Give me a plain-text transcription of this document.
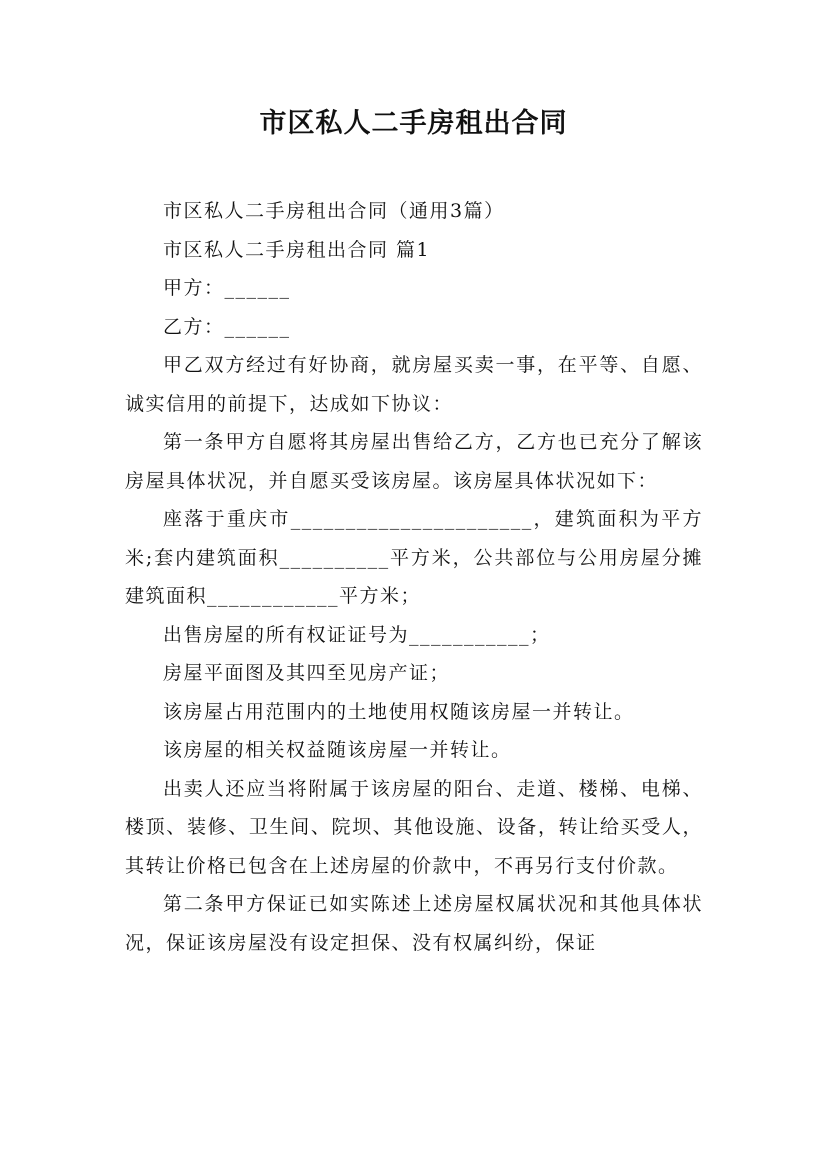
市区私人二手房租出合同

市区私人二手房租出合同（通用3篇）

市区私人二手房租出合同 篇1

甲方：______

乙方：______

甲乙双方经过有好协商，就房屋买卖一事，在平等、自愿、诚实信用的前提下，达成如下协议：

第一条甲方自愿将其房屋出售给乙方，乙方也已充分了解该房屋具体状况，并自愿买受该房屋。该房屋具体状况如下：

座落于重庆市______________________，建筑面积为平方米;套内建筑面积__________平方米，公共部位与公用房屋分摊建筑面积____________平方米；

出售房屋的所有权证证号为___________；

房屋平面图及其四至见房产证；

该房屋占用范围内的土地使用权随该房屋一并转让。

该房屋的相关权益随该房屋一并转让。

出卖人还应当将附属于该房屋的阳台、走道、楼梯、电梯、楼顶、装修、卫生间、院坝、其他设施、设备，转让给买受人，其转让价格已包含在上述房屋的价款中，不再另行支付价款。

第二条甲方保证已如实陈述上述房屋权属状况和其他具体状况，保证该房屋没有设定担保、没有权属纠纷，保证
